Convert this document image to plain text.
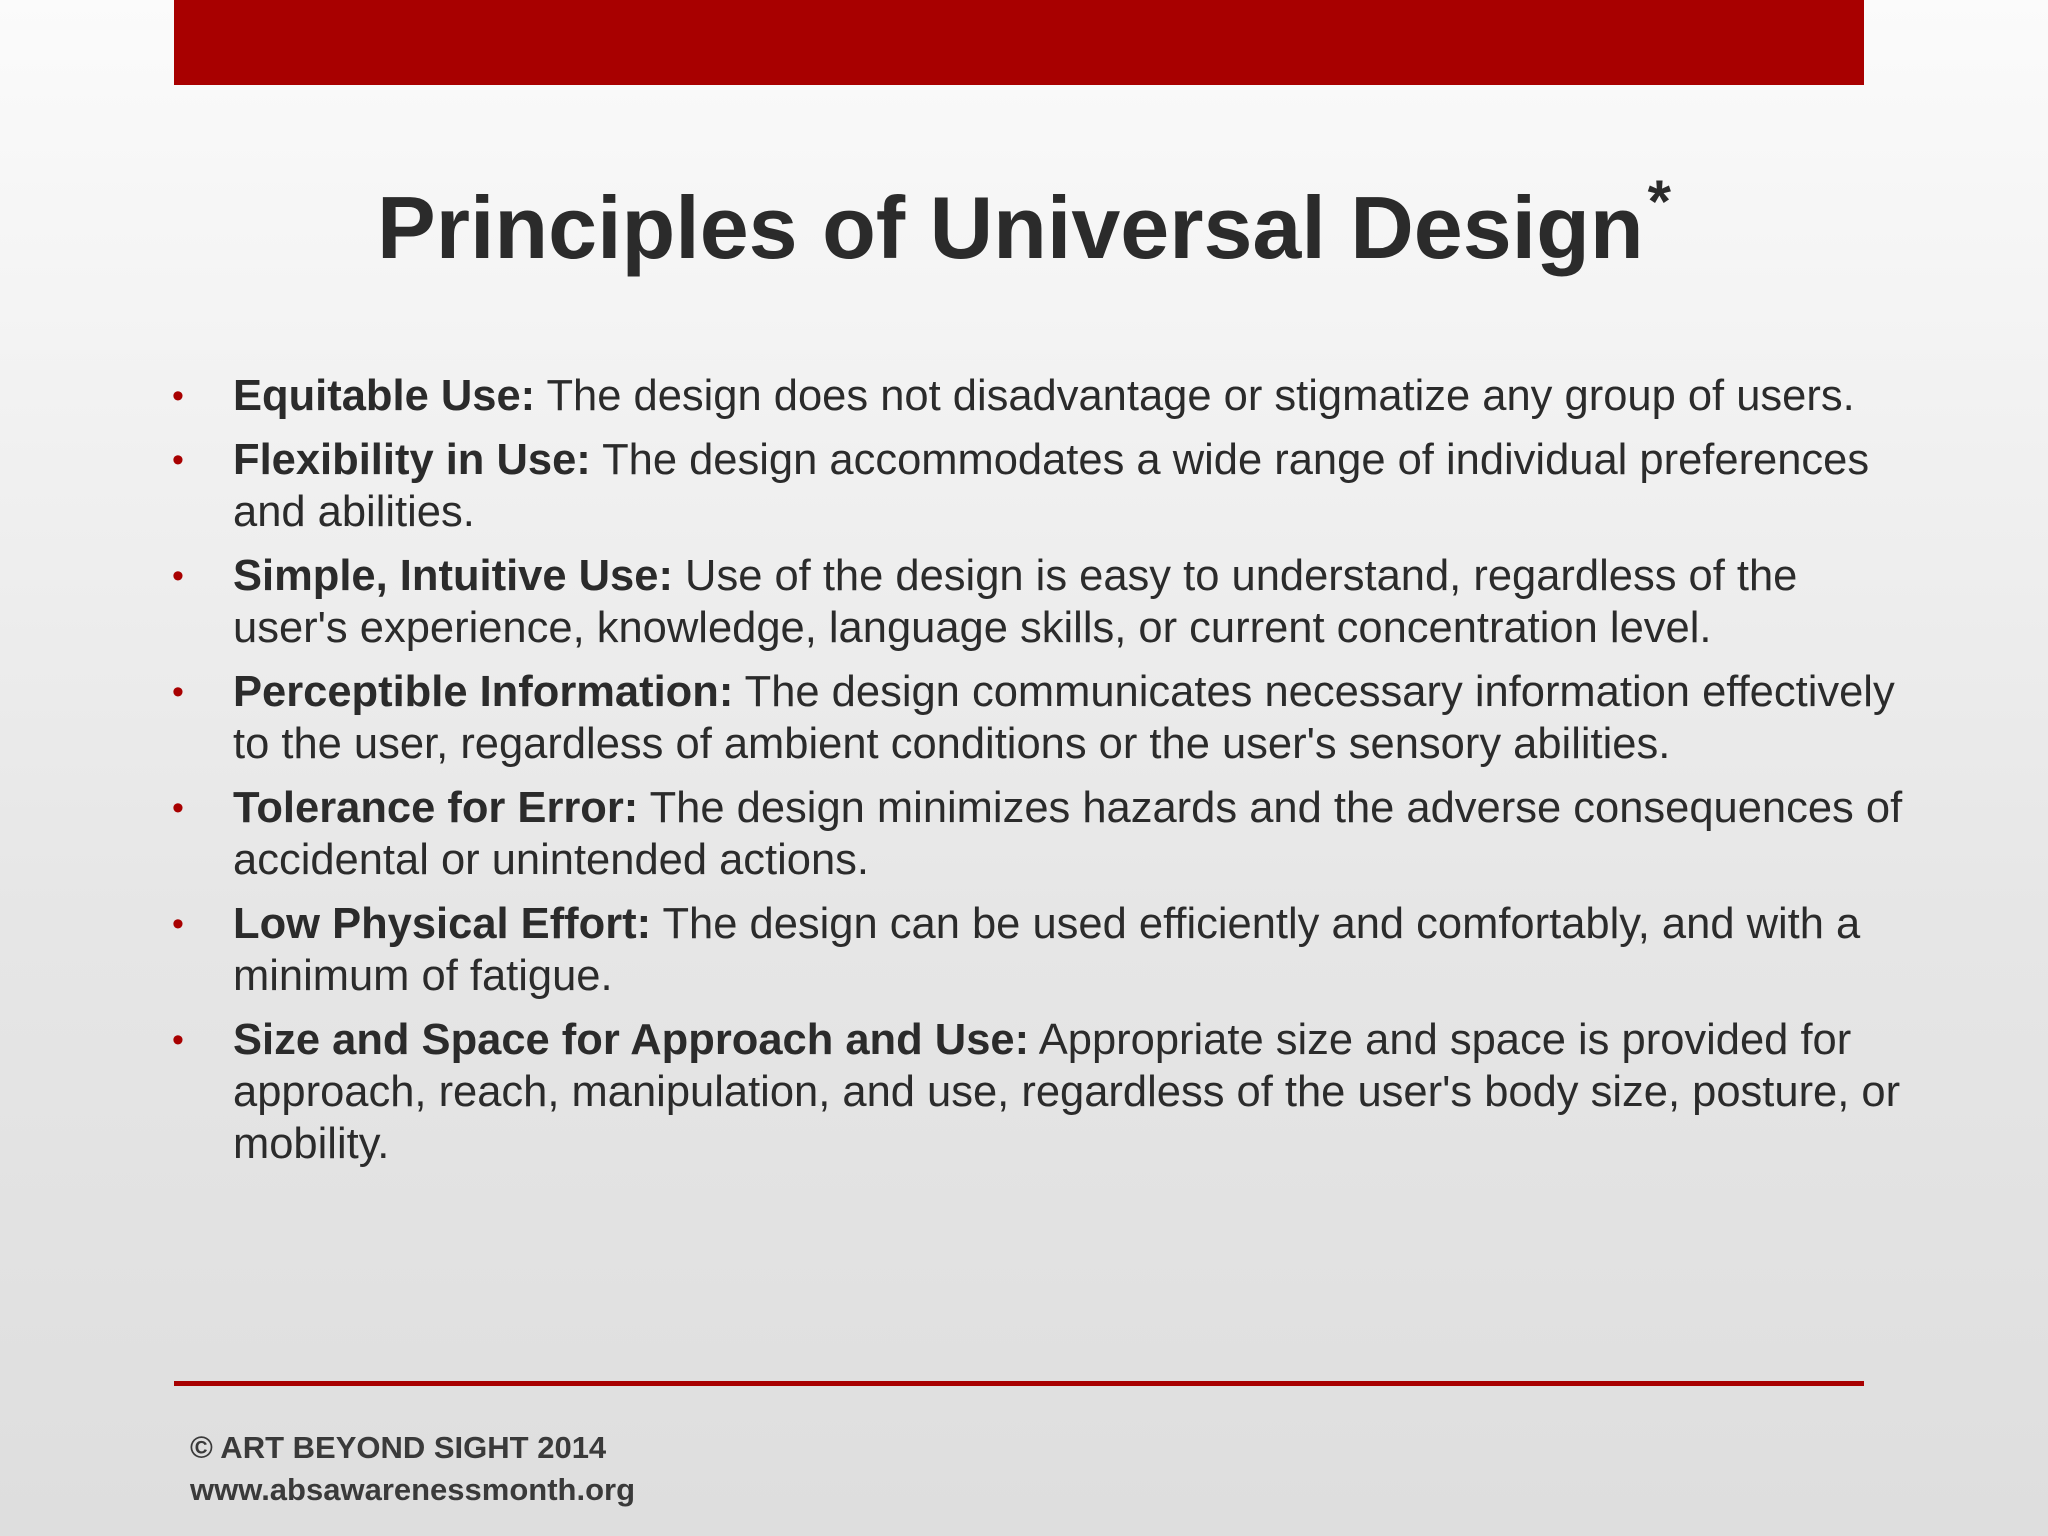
Principles of Universal Design*
• Equitable Use: The design does not disadvantage or stigmatize any group of users.
• Flexibility in Use: The design accommodates a wide range of individual preferences and abilities.
• Simple, Intuitive Use: Use of the design is easy to understand, regardless of the user's experience, knowledge, language skills, or current concentration level.
• Perceptible Information: The design communicates necessary information effectively to the user, regardless of ambient conditions or the user's sensory abilities.
• Tolerance for Error: The design minimizes hazards and the adverse consequences of accidental or unintended actions.
• Low Physical Effort: The design can be used efficiently and comfortably, and with a minimum of fatigue.
• Size and Space for Approach and Use: Appropriate size and space is provided for approach, reach, manipulation, and use, regardless of the user's body size, posture, or mobility.
© ART BEYOND SIGHT 2014
www.absawarenessmonth.org
